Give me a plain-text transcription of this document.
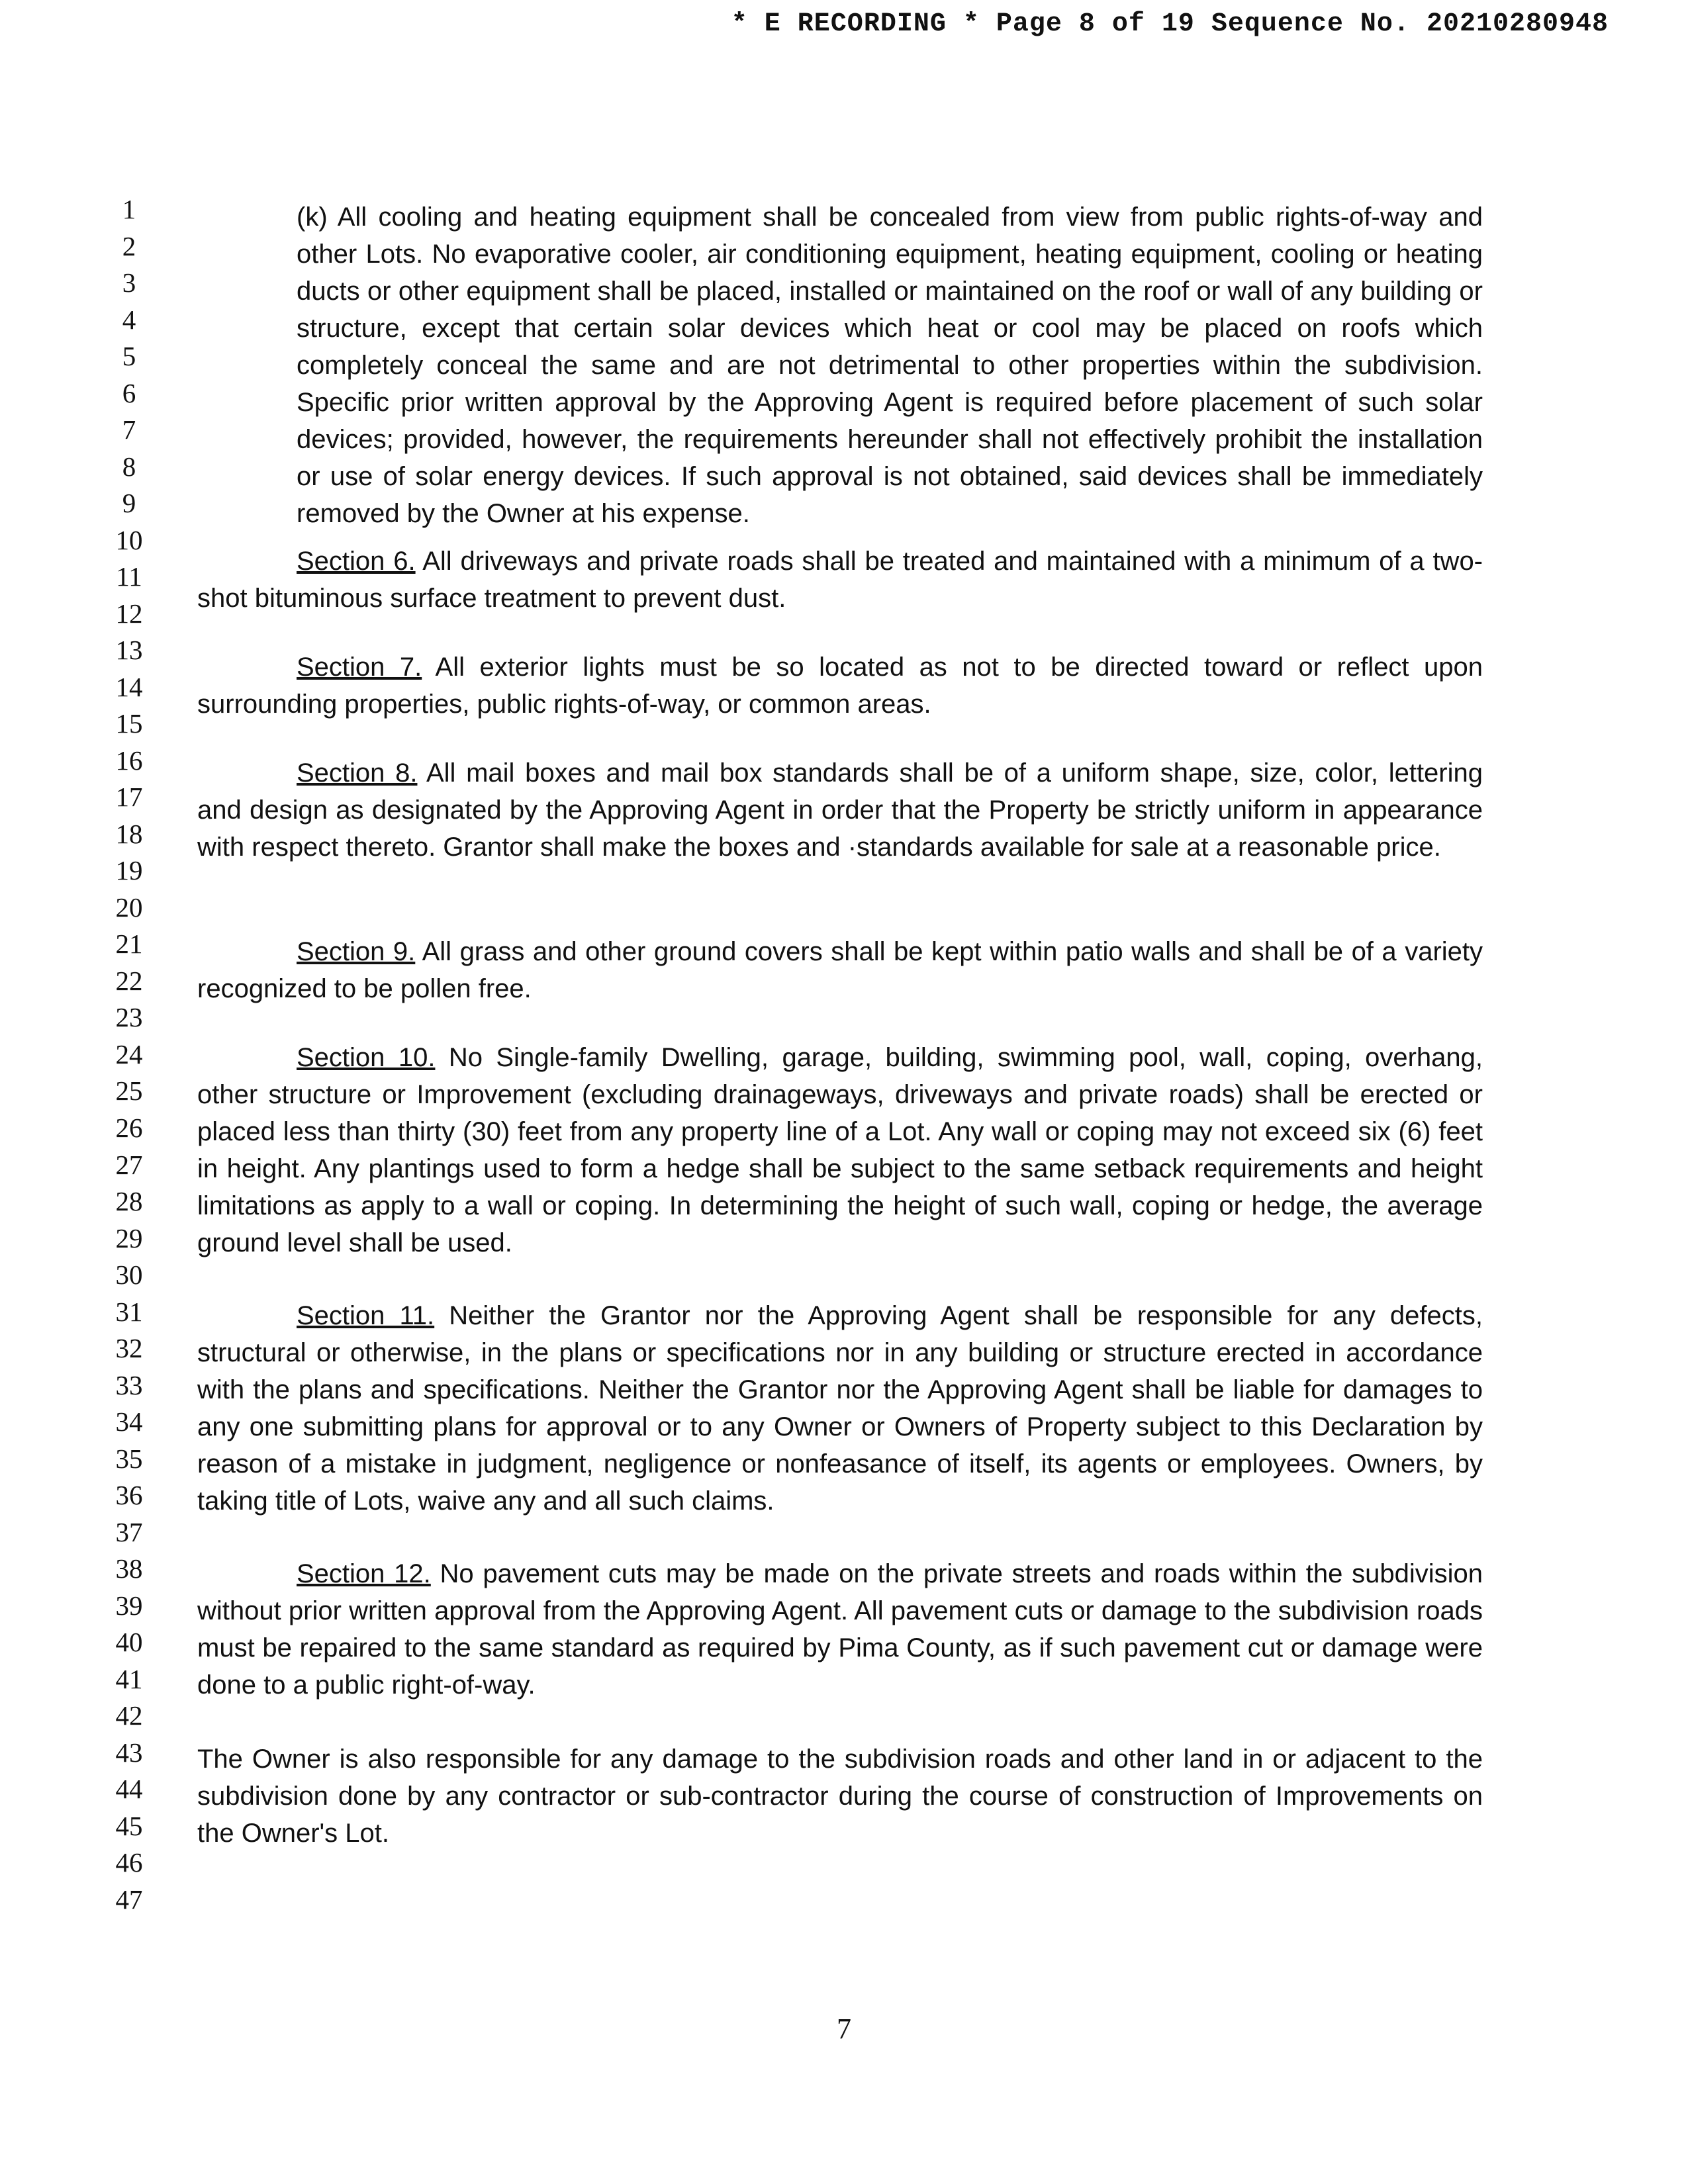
* E RECORDING * Page 8 of 19 Sequence No. 20210280948
1
2
3
4
5
6
7
8
9
10
11
12
13
14
15
16
17
18
19
20
21
22
23
24
25
26
27
28
29
30
31
32
33
34
35
36
37
38
39
40
41
42
43
44
45
46
47
(k) All cooling and heating equipment shall be concealed from view from public rights-of-way and other Lots. No evaporative cooler, air conditioning equipment, heating equipment, cooling or heating ducts or other equipment shall be placed, installed or maintained on the roof or wall of any building or structure, except that certain solar devices which heat or cool may be placed on roofs which completely conceal the same and are not detrimental to other properties within the subdivision. Specific prior written approval by the Approving Agent is required before placement of such solar devices; provided, however, the requirements hereunder shall not effectively prohibit the installation or use of solar energy devices. If such approval is not obtained, said devices shall be immediately removed by the Owner at his expense.
Section 6. All driveways and private roads shall be treated and maintained with a minimum of a two-shot bituminous surface treatment to prevent dust.
Section 7. All exterior lights must be so located as not to be directed toward or reflect upon surrounding properties, public rights-of-way, or common areas.
Section 8. All mail boxes and mail box standards shall be of a uniform shape, size, color, lettering and design as designated by the Approving Agent in order that the Property be strictly uniform in appearance with respect thereto. Grantor shall make the boxes and ·standards available for sale at a reasonable price.
Section 9. All grass and other ground covers shall be kept within patio walls and shall be of a variety recognized to be pollen free.
Section 10. No Single-family Dwelling, garage, building, swimming pool, wall, coping, overhang, other structure or Improvement (excluding drainageways, driveways and private roads) shall be erected or placed less than thirty (30) feet from any property line of a Lot. Any wall or coping may not exceed six (6) feet in height. Any plantings used to form a hedge shall be subject to the same setback requirements and height limitations as apply to a wall or coping. In determining the height of such wall, coping or hedge, the average ground level shall be used.
Section 11. Neither the Grantor nor the Approving Agent shall be responsible for any defects, structural or otherwise, in the plans or specifications nor in any building or structure erected in accordance with the plans and specifications. Neither the Grantor nor the Approving Agent shall be liable for damages to any one submitting plans for approval or to any Owner or Owners of Property subject to this Declaration by reason of a mistake in judgment, negligence or nonfeasance of itself, its agents or employees. Owners, by taking title of Lots, waive any and all such claims.
Section 12. No pavement cuts may be made on the private streets and roads within the subdivision without prior written approval from the Approving Agent. All pavement cuts or damage to the subdivision roads must be repaired to the same standard as required by Pima County, as if such pavement cut or damage were done to a public right-of-way.
The Owner is also responsible for any damage to the subdivision roads and other land in or adjacent to the subdivision done by any contractor or sub-contractor during the course of construction of Improvements on the Owner's Lot.
7
